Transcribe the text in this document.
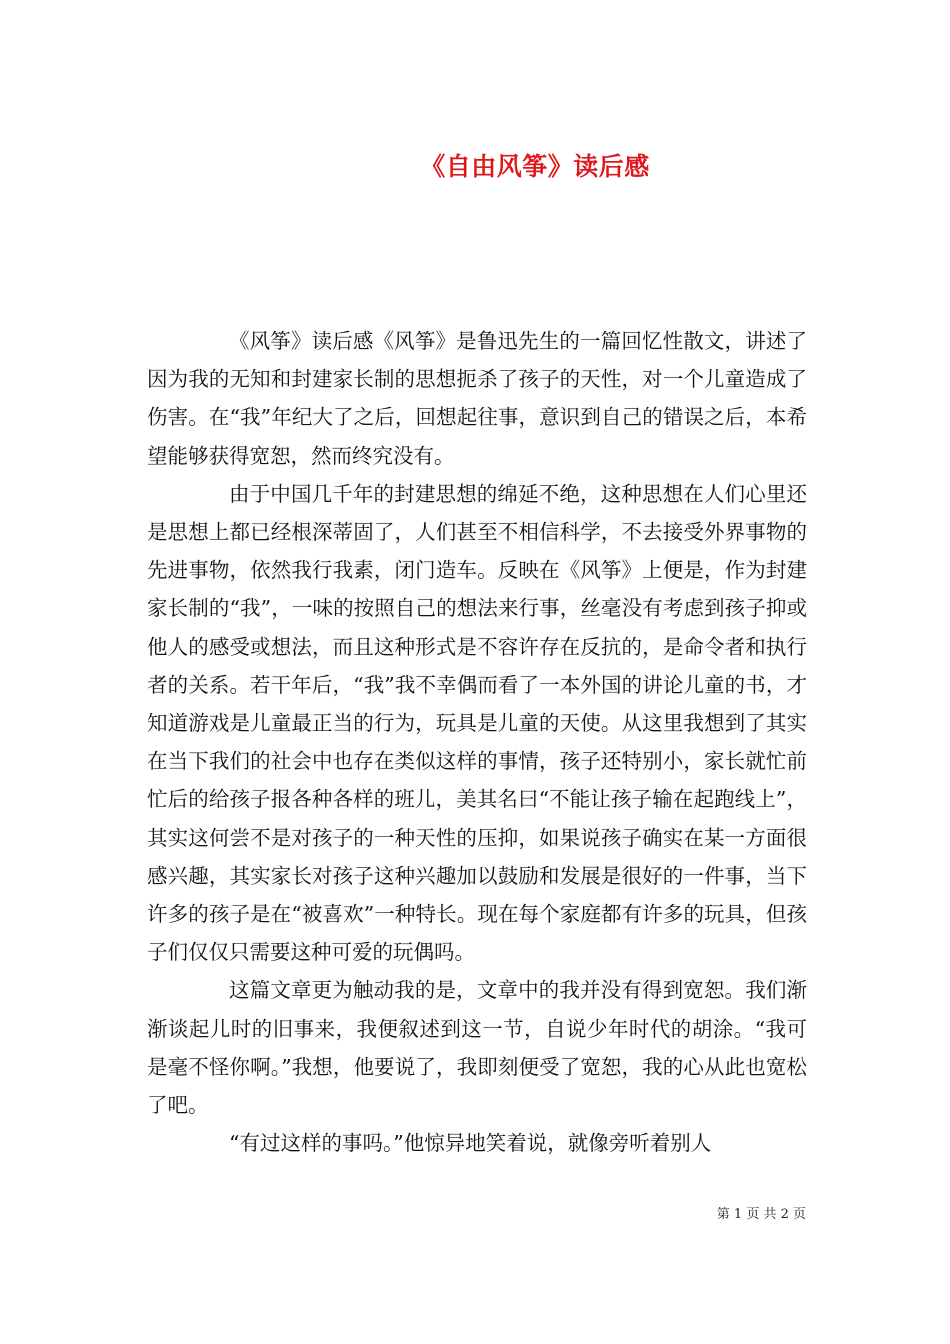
《自由风筝》读后感

《风筝》读后感《风筝》是鲁迅先生的一篇回忆性散文，讲述了因为我的无知和封建家长制的思想扼杀了孩子的天性，对一个儿童造成了伤害。在“我”年纪大了之后，回想起往事，意识到自己的错误之后，本希望能够获得宽恕，然而终究没有。

由于中国几千年的封建思想的绵延不绝，这种思想在人们心里还是思想上都已经根深蒂固了，人们甚至不相信科学，不去接受外界事物的先进事物，依然我行我素，闭门造车。反映在《风筝》上便是，作为封建家长制的“我”，一味的按照自己的想法来行事，丝毫没有考虑到孩子抑或他人的感受或想法，而且这种形式是不容许存在反抗的，是命令者和执行者的关系。若干年后，“我”我不幸偶而看了一本外国的讲论儿童的书，才知道游戏是儿童最正当的行为，玩具是儿童的天使。从这里我想到了其实在当下我们的社会中也存在类似这样的事情，孩子还特别小，家长就忙前忙后的给孩子报各种各样的班儿，美其名曰“不能让孩子输在起跑线上”，其实这何尝不是对孩子的一种天性的压抑，如果说孩子确实在某一方面很感兴趣，其实家长对孩子这种兴趣加以鼓励和发展是很好的一件事，当下许多的孩子是在“被喜欢”一种特长。现在每个家庭都有许多的玩具，但孩子们仅仅只需要这种可爱的玩偶吗。

这篇文章更为触动我的是，文章中的我并没有得到宽恕。我们渐渐谈起儿时的旧事来，我便叙述到这一节，自说少年时代的胡涂。“我可是毫不怪你啊。”我想，他要说了，我即刻便受了宽恕，我的心从此也宽松了吧。

“有过这样的事吗。”他惊异地笑着说，就像旁听着别人

第 1 页 共 2 页
